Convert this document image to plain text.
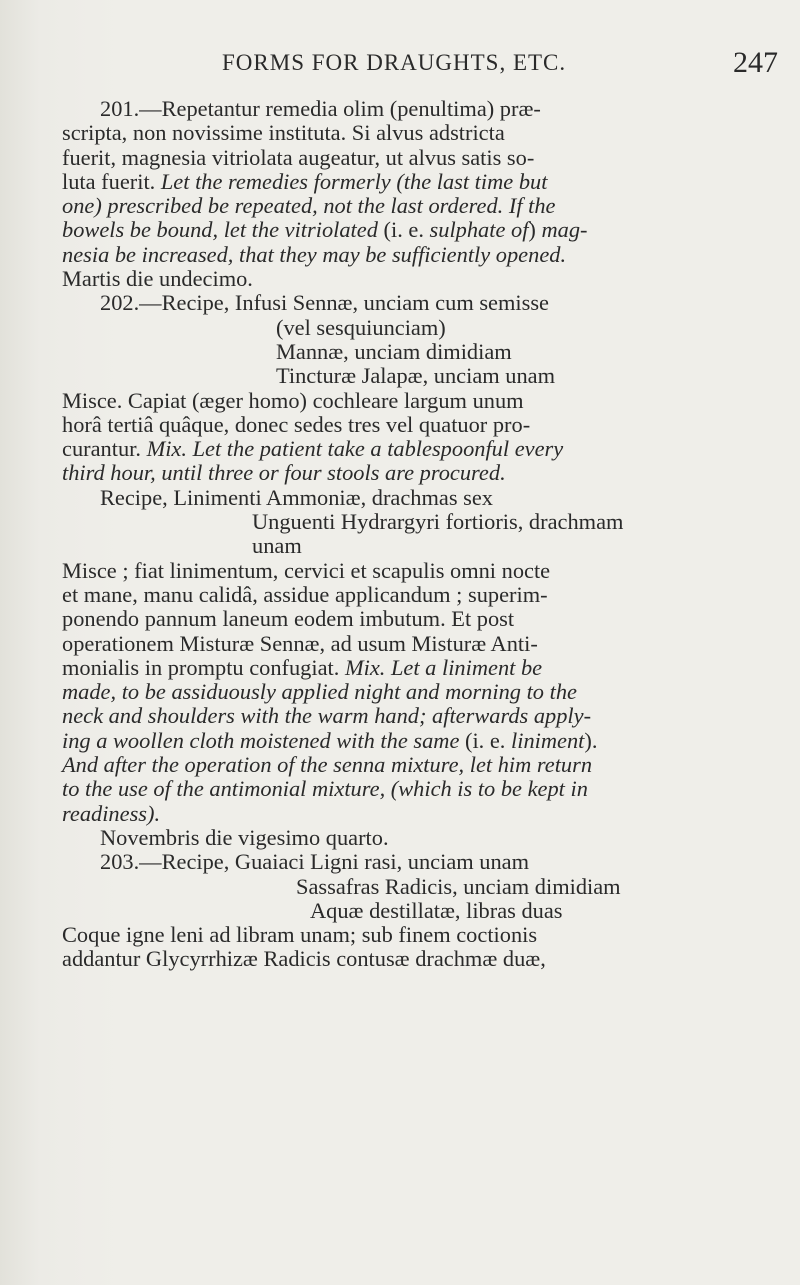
FORMS FOR DRAUGHTS, ETC.	247
201.—Repetantur remedia olim (penultima) præ-
scripta, non novissime instituta. Si alvus adstricta
fuerit, magnesia vitriolata augeatur, ut alvus satis so-
luta fuerit. Let the remedies formerly (the last time but
one) prescribed be repeated, not the last ordered. If the
bowels be bound, let the vitriolated (i. e. sulphate of) mag-
nesia be increased, that they may be sufficiently opened.
Martis die undecimo.
202.—Recipe, Infusi Sennæ, unciam cum semisse
(vel sesquiunciam)
Mannæ, unciam dimidiam
Tincturæ Jalapæ, unciam unam
Misce. Capiat (æger homo) cochleare largum unum
horâ tertiâ quâque, donec sedes tres vel quatuor pro-
curantur. Mix. Let the patient take a tablespoonful every
third hour, until three or four stools are procured.
Recipe, Linimenti Ammoniæ, drachmas sex
Unguenti Hydrargyri fortioris, drachmam
unam
Misce ; fiat linimentum, cervici et scapulis omni nocte
et mane, manu calidâ, assidue applicandum ; superim-
ponendo pannum laneum eodem imbutum. Et post
operationem Misturæ Sennæ, ad usum Misturæ Anti-
monialis in promptu confugiat. Mix. Let a liniment be
made, to be assiduously applied night and morning to the
neck and shoulders with the warm hand; afterwards apply-
ing a woollen cloth moistened with the same (i. e. liniment).
And after the operation of the senna mixture, let him return
to the use of the antimonial mixture, (which is to be kept in
readiness).
Novembris die vigesimo quarto.
203.—Recipe, Guaiaci Ligni rasi, unciam unam
Sassafras Radicis, unciam dimidiam
Aquæ destillatæ, libras duas
Coque igne leni ad libram unam; sub finem coctionis
addantur Glycyrrhizæ Radicis contusæ drachmæ duæ,
